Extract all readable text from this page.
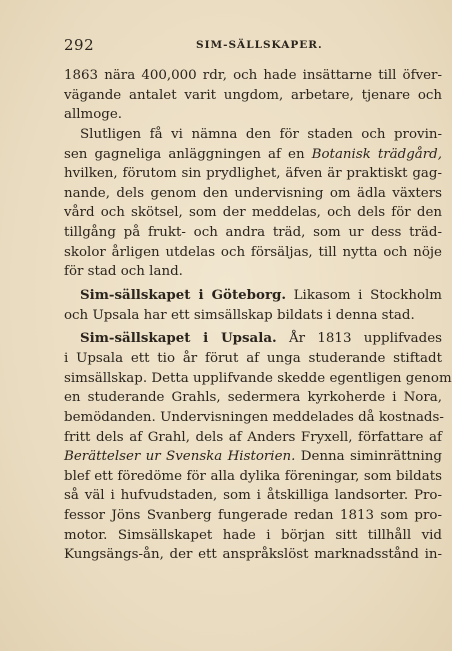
292	SIM-SÄLLSKAPER.
1863 nära 400,000 rdr, och hade insättarne till öfver-
vägande antalet varit ungdom, arbetare, tjenare och
allmoge.
Slutligen få vi nämna den för staden och provin-
sen gagneliga anläggningen af en Botanisk trädgård,
hvilken, förutom sin prydlighet, äfven är praktiskt gag-
nande, dels genom den undervisning om ädla växters
vård och skötsel, som der meddelas, och dels för den
tillgång på frukt- och andra träd, som ur dess träd-
skolor årligen utdelas och försäljas, till nytta och nöje
för stad och land.
Sim-sällskapet i Göteborg. Likasom i Stockholm
och Upsala har ett simsällskap bildats i denna stad.
Sim-sällskapet i Upsala. År 1813 upplifvades
i Upsala ett tio år förut af unga studerande stiftadt
simsällskap. Detta upplifvande skedde egentligen genom
en studerande Grahls, sedermera kyrkoherde i Nora,
bemödanden. Undervisningen meddelades då kostnads-
fritt dels af Grahl, dels af Anders Fryxell, författare af
Berättelser ur Svenska Historien. Denna siminrättning
blef ett föredöme för alla dylika föreningar, som bildats
så väl i hufvudstaden, som i åtskilliga landsorter. Pro-
fessor Jöns Svanberg fungerade redan 1813 som pro-
motor. Simsällskapet hade i början sitt tillhåll vid
Kungsängs-ån, der ett anspråkslöst marknadsstånd in-
